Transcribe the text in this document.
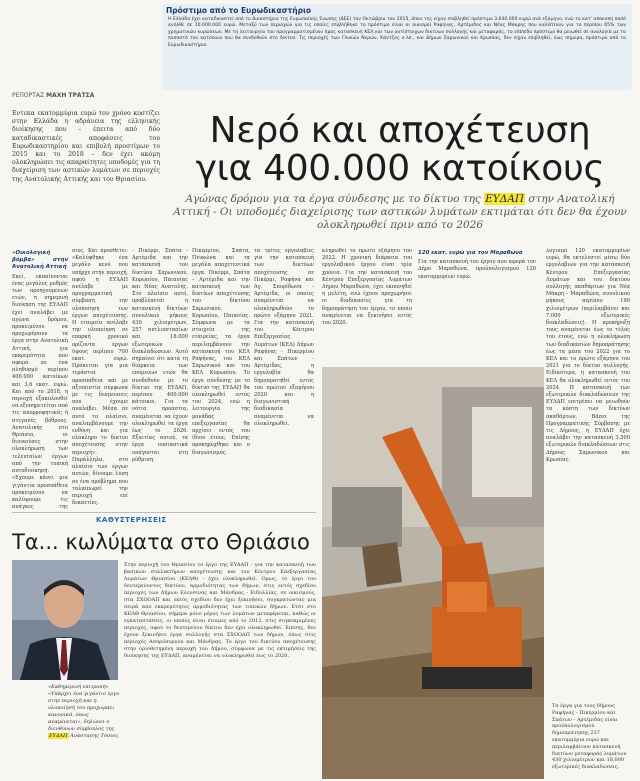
Πρόστιμο από το Ευρωδικαστήριο
Η Ελλάδα έχει καταδικαστεί από το Δικαστήριο της Ευρωπαϊκής Ενωσης (ΔΕΕ) τον Οκτώβριο του 2015, όπου της είχαν επιβληθεί πρόστιμο 3.640.000 ευρώ ανά εξάμηνο, ενώ το κατ' αποκοπή ποσό ανήλθε σε 10.000.000 ευρώ. Μεταξύ των περιοχών για τις οποίες επιβλήθηκε το πρόστιμο είναι οι οικισμοί Ραφήνας, Αρτέμιδος και Νέας Μάκρης που καλύπτουν για το περίπου 65% των χρηματικών κυρώσεων. Με τη λειτουργία του προγραμματισμένου προς κατασκευή ΚΕΛ και των αντίστοιχων δικτύων συλλογής και μεταφοράς, το επίπεδο πρόστιμο θα μειωθεί σε αναλογία με το ποσοστό του κατοίκων που θα συνδεθούν στο δίκτυο. Τις περιοχές των Γλυκών Νερών, Κάντζας κ.λπ., και Δήμων Σαρωνικού και Κρωπίας, δεν είχαν επιβληθεί, έως σήμερα, πρόστιμο από το Ευρωδικαστήριο.
ΡΕΠΟΡΤΑΖ ΜΑΧΗ ΤΡΑΤΣΑ
Εντεκα εκατομμύρια ευρώ τον χρόνο κοστίζει στην Ελλάδα η αδράνεια της ελληνικής διοίκησης που – έπειτα από δύο καταδικαστικές αποφάσεις του Ευρωδικαστηρίου και επιβολή προστίμων το 2015 και το 2018 – δεν έχει ακόμη ολοκληρώσει τις απαραίτητες υποδομές για τη διαχείριση των αστικών λυμάτων σε περιοχές της Ανατολικής Αττικής και του Θριασίου.
Νερό και αποχέτευση
για 400.000 κατοίκους
Αγώνας δρόμου για τα έργα σύνδεσης με το δίκτυο της ΕΥΔΑΠ στην Ανατολική Αττική - Οι υποδομές διαχείρισης των αστικών λυμάτων εκτιμάται ότι δεν θα έχουν ολοκληρωθεί πριν από το 2026

«Οικολογική βόμβα» στην Ανατολική Αττική

Εκεί, εκπαίνονται ένας μεγάλος ρυθμός των προηγούμενων ετών, η σημερινή διοίκηση της ΕΥΔΑΠ έχει αναλάβει με αγώνα δρόμου, προκειμένου να προχωρήσουν τα έργα στην Ανατολική Αττική, για εκκρεμότητα που αφορά σε ένα πληθυσμό περίπου 400.000 κατοίκων και 3,6 εκατ. ευρώ. Και από το 2018, η περιοχή εξακολουθεί να εξυπηρετείται από τις απορροφητικές ή στεγανές βόθρους. Ανατολικής στο Θριάσιο, οι διοικούσες στην ολοκλήρωση των τελευταίων έργων από την τοπική αυτοδιοίκηση. «Εχουμε κάνει μια γιγάντια προσπάθεια προκειμένου να καλύψουμε τις ανάγκες της

σιος. Και προσθέτει: «Καλύφθηκε ένα μεγάλο κενό που υπήρχε στην περιοχή, αφού η ΕΥΔΑΠ ανέλαβε με προγραμματική σύμβαση την υλοποίηση των έργων αποχέτευσης. Η εταιρεία ανέλαβε την υλοποίηση σε επαρκή χρονικό ορίζοντα έργων ύψους περίπου 700 εκατ. ευρώ. Πρόκειται για μια τεράστια προσπάθεια και με αξιοπιστία σύμφωνα με τις δεσμεύσεις που έχουμε αναλάβει. Μέσα σε αυτό το πλαίσιο, αναλαμβάνουμε την ευθύνη και για ολόκληρο το δίκτυο αποχέτευσης στην περιοχή». Παράλληλα, στο πλαίσιο των έργων αυτών, δίνουμε λύση σε ένα πρόβλημα που ταλαιπωρεί την περιοχή επί δεκαετίες.

- Πικέρμι, Σπάτα - Αρτέμιδα και την κατασκευή του δικτύου Σαρωνικού, Κορωπίου, Παιανίας και Νέας Ανατολής. Στο πλαίσιο αυτό, προβλέπεται η κατασκευή δικτύων συνολικού μήκους 430 χιλιομέτρων, 257 αντλιοστασίων και 18.000 εξωτερικών διακλαδώσεων. Αυτό σημαίνει ότι κατά τη διάρκεια των επόμενων ετών θα συνδεθούν με το δίκτυο της ΕΥΔΑΠ, περίπου 400.000 κάτοικοι. Για τα νότια προάστια, αναμένεται να έχουν ολοκληρωθεί τα έργα έως το 2026. Εξαιτίας αυτού, τα έργα ουσιαστικά υπάγονται στη ρύθμιση.

Πικερμίου, Σπάτα, Πευκώνα και τα μεγάλα αποχετευτικά έργα. Πικέρμι, Σπάτα – Αρτέμιδα και την κατασκευή των δικτύων αποχέτευσης του δικτύου Σαρωνικού, Κορωπίου, Παιανίας. Σύμφωνα με τα στοιχεία της εταιρείας, τα έργα περιλαμβάνουν την κατασκευή του ΚΕΛ Ραφήνας, του ΚΕΛ Σαρωνικού και του ΚΕΛ Κορωπίου. Το έργο σύνδεσης με το δίκτυο της ΕΥΔΑΠ θα ολοκληρωθεί εντός του 2024, ενώ η λειτουργία της μονάδας επεξεργασίας θα αρχίσει εντός του ίδιου έτους. Επίσης προκηρύχθηκε και ο διαγωνισμός.

τα τρίτες εργολαβίες για την κατασκευή των δικτύων αποχέτευσης σε Πικέρμι, Ραφήνα και Αγ. Σπυρίδωνα - Αρτέμιδα, οι οποίες αναμένεται να ολοκληρωθούν το πρώτο εξάμηνο 2021. Για την κατασκευή του Κέντρου Επεξεργασίας Λυμάτων (ΚΕΛ) Δήμων Ραφήνας - Πικερμίου και Σπάτων - Αρτέμιδας, η εργολαβία θα δημοπρατηθεί εντός του πρώτου εξαμήνου 2020 και η διαγωνιστική διαδικασία αναμένεται να ολοκληρωθεί.

κληρωθεί το πρώτο εξάμηνο του 2022. Η χρονική διάρκεια του εργολαβικού έργου είναι τρία χρόνια. Για την κατασκευή του Κέντρου Επεξεργασίας Λυμάτων Δήμου Μαραθώνα, έχει εκπονηθεί η μελέτη, ενώ έχουν προχωρήσει οι διαδικασίες για τη δημοπράτηση του έργου, το οποίο αναμένεται να ξεκινήσει εντός του 2020.

120 εκατ. ευρώ για τον Μαραθώνα

Για την κατασκευή του έργου που αφορά τον Δήμο Μαραθώνα, προϋπολογισμού 120 εκατομμυρίων ευρώ.

λογισμό 120 εκατομμυρίων ευρώ, θα εκτελεστεί μέσω δύο εργολαβιών για την κατασκευή Κέντρου Επεξεργασίας Λυμάτων και του δικτύου συλλογής ακαθάρτων για Νέα Μάκρη – Μαραθώνα, συνολικού μήκους περίπου 190 χιλιομέτρων (περιλαμβάνει και 7.000 εξωτερικές διακλαδώσεις). Η προκήρυξη τους αναμένεται έως το τέλος του έτους, ενώ η ολοκλήρωση των διαδικασιών δημοπράτησης έως τα μέσα του 2022 για το ΚΕΛ και το πρώτο εξάμηνο του 2021 για το δίκτυο συλλογής. Ειδικότερα, η κατασκευή του ΚΕΛ θα ολοκληρωθεί εντός του 2024. Η κατασκευή των εξωτερικών διακλαδώσεων της ΕΥΔΑΠ επιτρέπει να μειωθούν τα κόστη των δικτύων ακαθάρτων. Βάσει της Προγραμματικής Σύμβασης με τις Δήμους, η ΕΥΔΑΠ έχει αναλάβει την κατασκευή 3.500 εξωτερικών διακλαδώσεων στις Δήμους Σαρωνικού και Κρωπίας.

Τα έργα για τους δήμους Ραφήνας - Πικερμίου και Σπάτων - Αρτέμιδας είναι προϋπολογισμού δημοπράτησης 257 εκατομμύρια ευρώ και περιλαμβάνουν κατασκευή δικτύων μεταφοράς λυμάτων 430 χιλιομέτρων και 18.000 εξωτερικές διακλαδώσεις.
ΚΑΘΥΣΤΕΡΗΣΕΙΣ
Τα... κωλύματα στο Θριάσιο
«Καθημερινή επιτροπή» «Υπάρχει ένα γιγάντιο έργο στην περιοχή και η υλοποίησή του προχωράει κανονικά, όπως αναμένεται», δηλώνει ο διευθύνων σύμβουλος της ΕΥΔΑΠ Ανάστασης Τόσιος.

Στην περιοχή του Θριασίου το έργο της ΕΥΔΑΠ - για την κατασκευή των βασικών συλλεκτήρων αποχέτευσης και του Κέντρου Επεξεργασίας Λυμάτων Θριασίου (ΚΕΛΘ) - έχει ολοκληρωθεί. Ομως, το έργο του δευτερεύοντος δικτύου, αρμοδιότητας των δήμων, στις εντός σχεδίου περιοχές των Δήμων Ελευσίνας και Μάνδρας - Ειδυλλίας, σε οικισμούς, στα ΣΧΟΟΑΠ και εκτός σχεδίου δεν έχει ξεκινήσει, συγκρατώντας μια σειρά από εκκρεμότητες αρμοδιότητας των τοπικών δήμων. Ετσι στο ΚΕΛΘ Θριασίου, σήμερα μόνο μέρος των λυμάτων μεταφέρεται, καθώς οι εγκαταστάσεις, οι οποίες είναι έτοιμες από το 2012, στις συγκεκριμένες περιοχές, αφού το δευτερεύον δίκτυο δεν έχει ολοκληρωθεί. Επίσης, δεν έχουν ξεκινήσει έργα συλλογής στα ΣΧΟΟΑΠ των δήμων, όπως στις περιοχές Ασπρόπυργου και Μάνδρας. Το έργο του δικτύου αποχέτευσης στην οριοθετημένη περιοχή του Δήμου, σύμφωνα με τις εκτιμήσεις της διοίκησης της ΕΥΔΑΠ, αναμένεται να ολοκληρωθεί έως το 2020.
